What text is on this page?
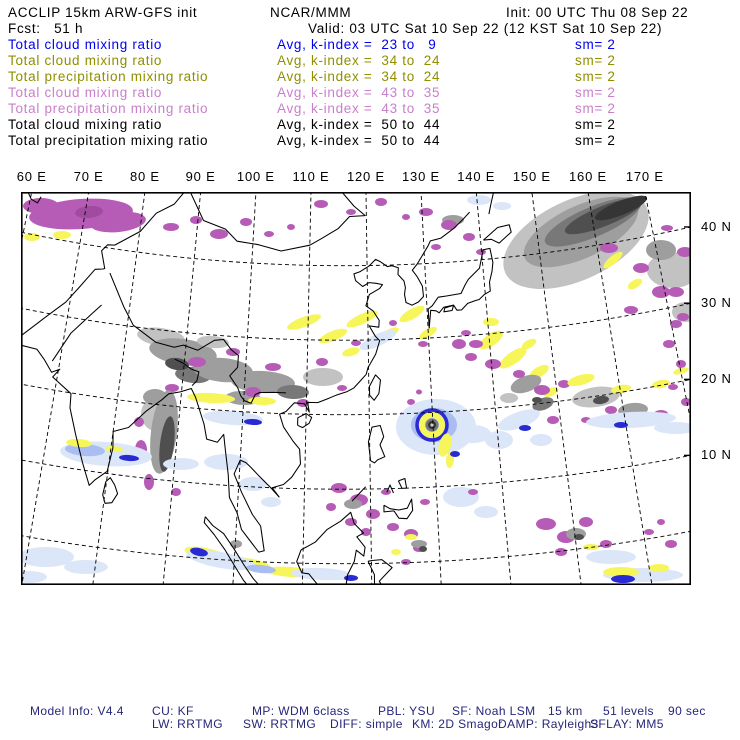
ACCLIP 15km ARW-GFS init	NCAR/MMM	Init: 00 UTC Thu 08 Sep 22
Fcst:   51 h	Valid: 03 UTC Sat 10 Sep 22 (12 KST Sat 10 Sep 22)
Total cloud mixing ratio	Avg, k-index =  23 to   9	sm= 2
Total cloud mixing ratio	Avg, k-index =  34 to  24	sm= 2
Total precipitation mixing ratio	Avg, k-index =  34 to  24	sm= 2
Total cloud mixing ratio	Avg, k-index =  43 to  35	sm= 2
Total precipitation mixing ratio	Avg, k-index =  43 to  35	sm= 2
Total cloud mixing ratio	Avg, k-index =  50 to  44	sm= 2
Total precipitation mixing ratio	Avg, k-index =  50 to  44	sm= 2
60 E	70 E	80 E	90 E	100 E 110 E 120 E 130 E 140 E 150 E 160 E 170 E
40 N
30 N
20 N
10 N
Model Info: V4.4 CU: KF	MP: WDM 6class PBL: YSU SF: Noah LSM 15 km 51 levels 90 sec
LW: RRTMG SW: RRTMG DIFF: simple KM: 2D Smagor
DAMP: Rayleigh3
SFLAY: MM5
